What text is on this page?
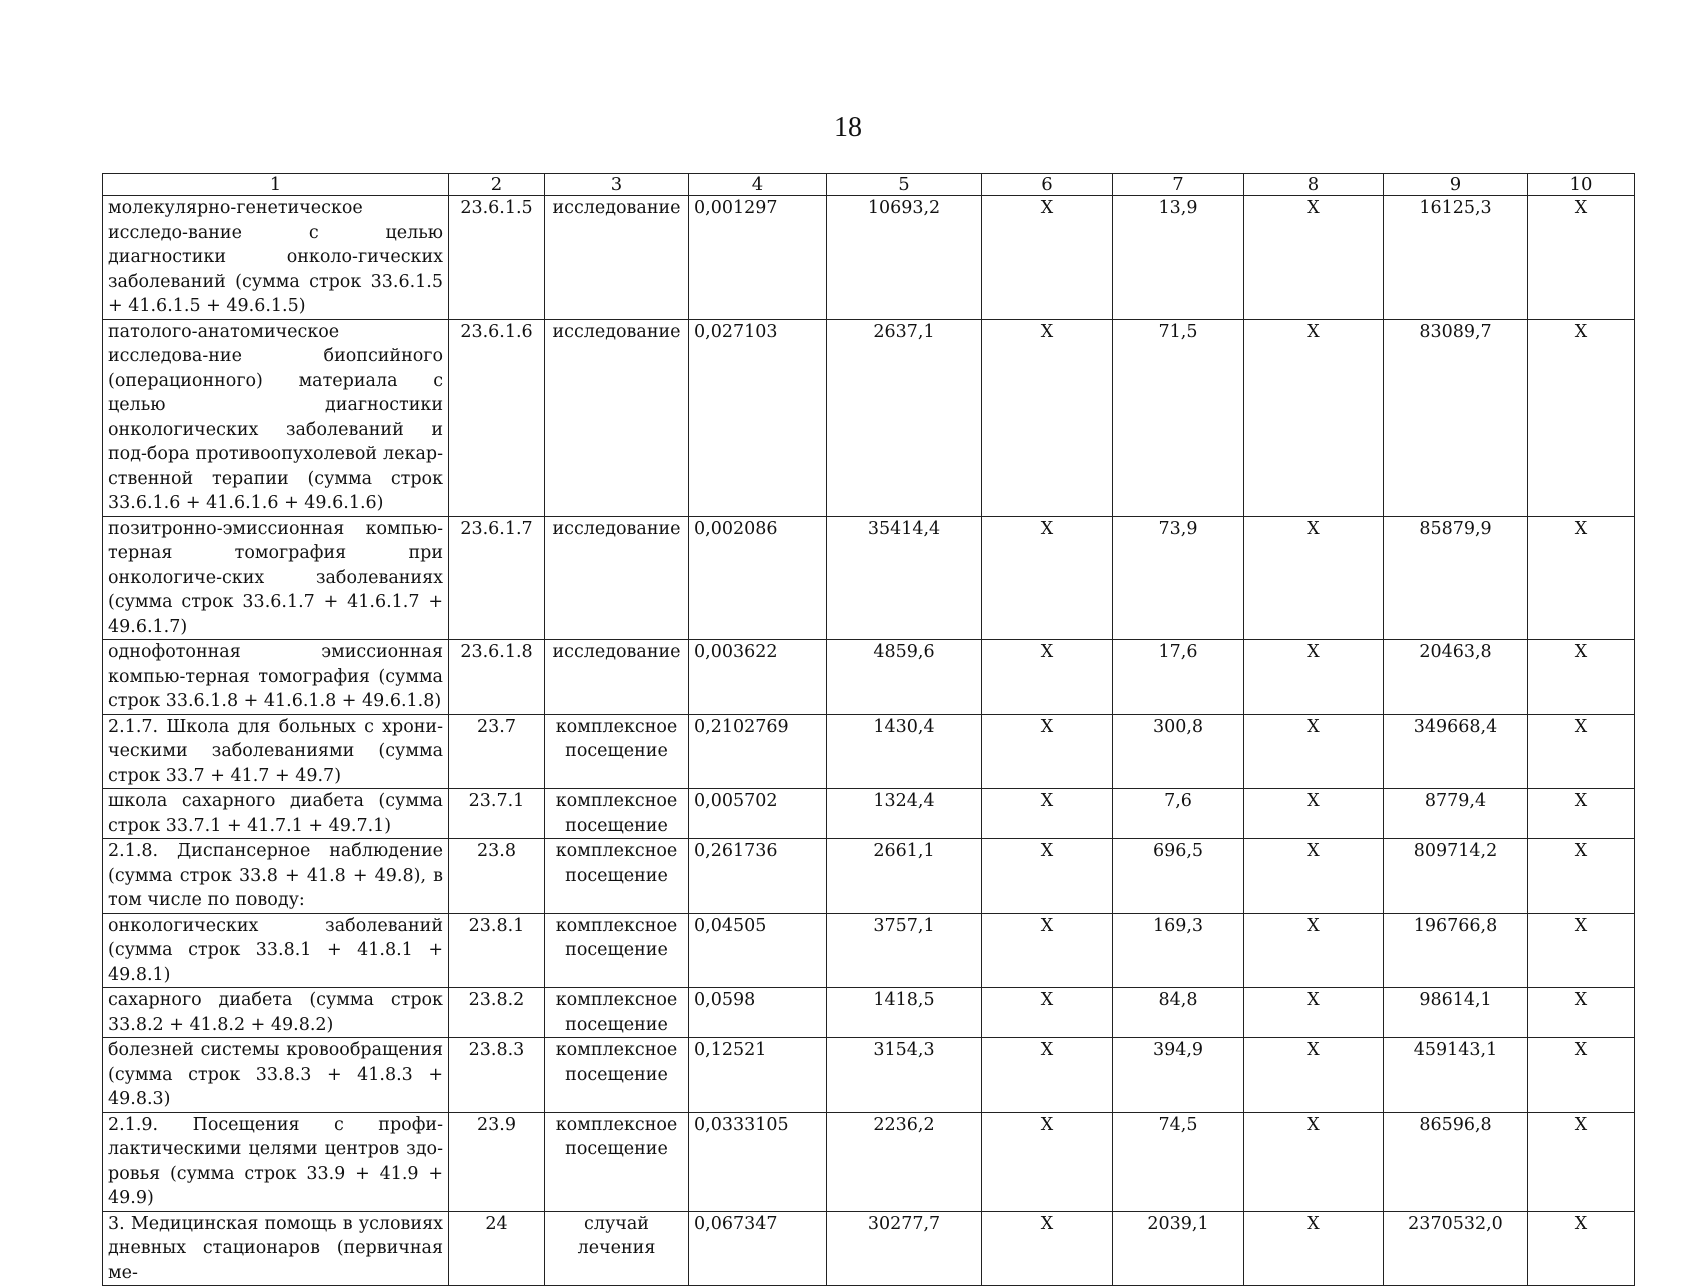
18
1	2	3	4	5	6	7	8	9	10
молекулярно-генетическое исследо-вание с целью диагностики онколо-гических заболеваний (сумма строк 33.6.1.5 + 41.6.1.5 + 49.6.1.5)	23.6.1.5	исследование	0,001297	10693,2	Х	13,9	Х	16125,3	Х
патолого-анатомическое исследова-ние биопсийного (операционного) материала с целью диагностики онкологических заболеваний и под-бора противоопухолевой лекар-ственной терапии (сумма строк 33.6.1.6 + 41.6.1.6 + 49.6.1.6)	23.6.1.6	исследование	0,027103	2637,1	Х	71,5	Х	83089,7	Х
позитронно-эмиссионная компью-терная томография при онкологиче-ских заболеваниях (сумма строк 33.6.1.7 + 41.6.1.7 + 49.6.1.7)	23.6.1.7	исследование	0,002086	35414,4	Х	73,9	Х	85879,9	Х
однофотонная эмиссионная компью-терная томография (сумма строк 33.6.1.8 + 41.6.1.8 + 49.6.1.8)	23.6.1.8	исследование	0,003622	4859,6	Х	17,6	Х	20463,8	Х
2.1.7. Школа для больных с хрони-ческими заболеваниями (сумма строк 33.7 + 41.7 + 49.7)	23.7	комплексное посещение	0,2102769	1430,4	Х	300,8	Х	349668,4	Х
школа сахарного диабета (сумма строк 33.7.1 + 41.7.1 + 49.7.1)	23.7.1	комплексное посещение	0,005702	1324,4	Х	7,6	Х	8779,4	Х
2.1.8. Диспансерное наблюдение (сумма строк 33.8 + 41.8 + 49.8), в том числе по поводу:	23.8	комплексное посещение	0,261736	2661,1	Х	696,5	Х	809714,2	Х
онкологических заболеваний (сумма строк 33.8.1 + 41.8.1 + 49.8.1)	23.8.1	комплексное посещение	0,04505	3757,1	Х	169,3	Х	196766,8	Х
сахарного диабета (сумма строк 33.8.2 + 41.8.2 + 49.8.2)	23.8.2	комплексное посещение	0,0598	1418,5	Х	84,8	Х	98614,1	Х
болезней системы кровообращения (сумма строк 33.8.3 + 41.8.3 + 49.8.3)	23.8.3	комплексное посещение	0,12521	3154,3	Х	394,9	Х	459143,1	Х
2.1.9. Посещения с профи-лактическими целями центров здо-ровья (сумма строк 33.9 + 41.9 + 49.9)	23.9	комплексное посещение	0,0333105	2236,2	Х	74,5	Х	86596,8	Х
3. Медицинская помощь в условиях дневных стационаров (первичная ме-	24	случай лечения	0,067347	30277,7	Х	2039,1	Х	2370532,0	Х
